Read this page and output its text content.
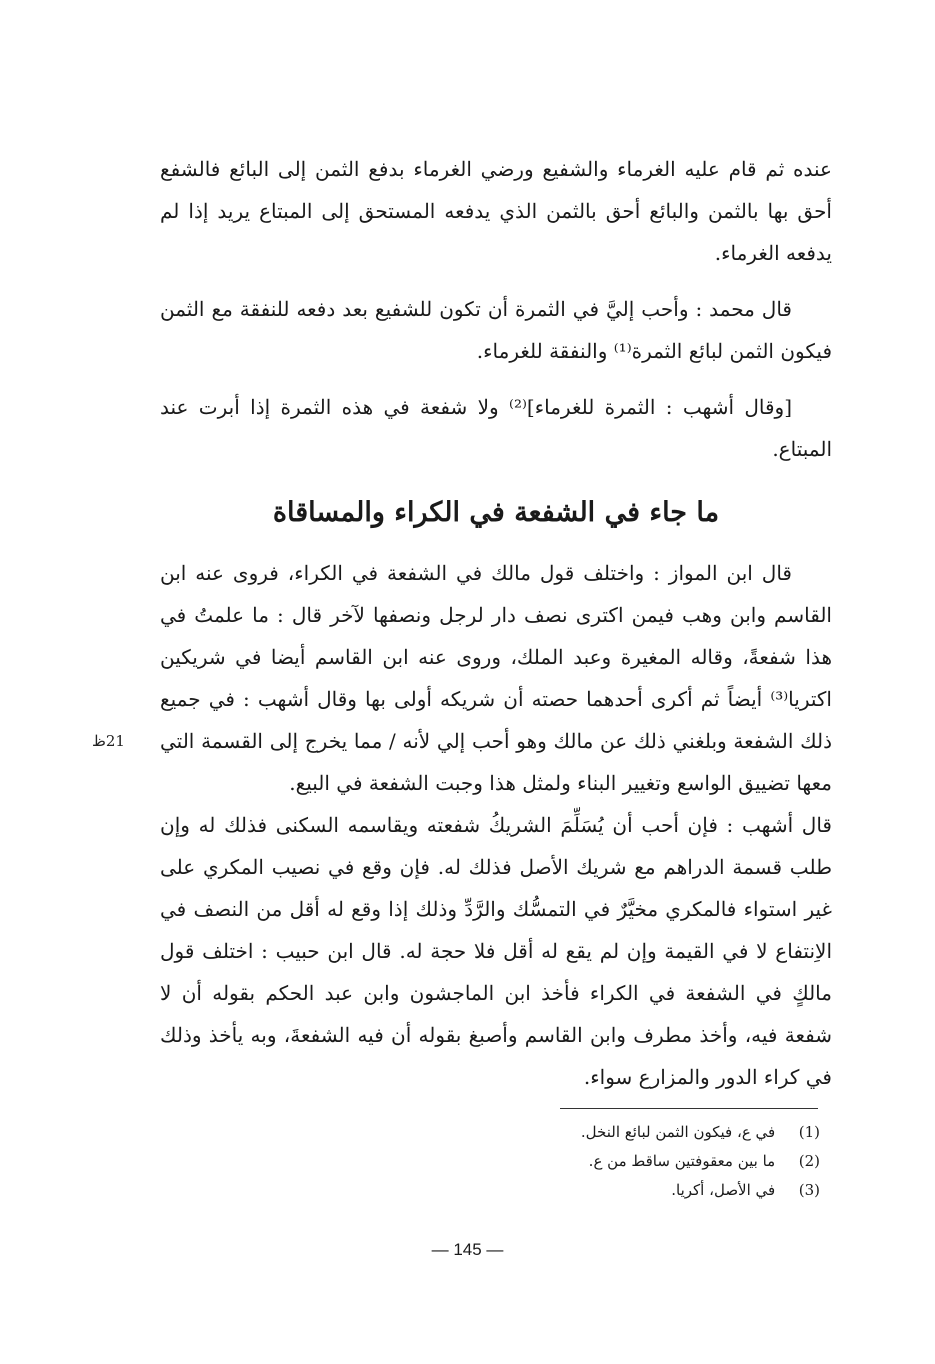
عنده ثم قام عليه الغرماء والشفيع ورضي الغرماء بدفع الثمن إلى البائع فالشفع أحق بها بالثمن والبائع أحق بالثمن الذي يدفعه المستحق إلى المبتاع يريد إذا لم يدفعه الغرماء.

قال محمد : وأحب إليَّ في الثمرة أن تكون للشفيع بعد دفعه للنفقة مع الثمن فيكون الثمن لبائع الثمرة⁽¹⁾ والنفقة للغرماء.

[وقال أشهب : الثمرة للغرماء]⁽²⁾ ولا شفعة في هذه الثمرة إذا أبرت عند المبتاع.

ما جاء في الشفعة في الكراء والمساقاة

قال ابن المواز : واختلف قول مالك في الشفعة في الكراء، فروى عنه ابن القاسم وابن وهب فيمن اكترى نصف دار لرجل ونصفها لآخر قال : ما علمتُ في هذا شفعةً، وقاله المغيرة وعبد الملك، وروى عنه ابن القاسم أيضا في شريكين اكتريا⁽³⁾ أيضاً ثم أكرى أحدهما حصته أن شريكه أولى بها وقال أشهب : في جميع ذلك الشفعة وبلغني ذلك عن مالك وهو أحب إلي لأنه / مما يخرج إلى القسمة التي معها تضييق الواسع وتغيير البناء ولمثل هذا وجبت الشفعة في البيع.

قال أشهب : فإن أحب أن يُسَلِّمَ الشريكُ شفعته ويقاسمه السكنى فذلك له وإن طلب قسمة الدراهم مع شريك الأصل فذلك له. فإن وقع في نصيب المكري على غير استواء فالمكري مخيَّرٌ في التمسُّك والرَّدِّ وذلك إذا وقع له أقل من النصف في الاِنتفاع لا في القيمة وإن لم يقع له أقل فلا حجة له. قال ابن حبيب : اختلف قول مالكٍ في الشفعة في الكراء فأخذ ابن الماجشون وابن عبد الحكم بقوله أن لا شفعة فيه، وأخذ مطرف وابن القاسم وأصبغ بقوله أن فيه الشفعةَ، وبه يأخذ وذلك في كراء الدور والمزارع سواء.

21ظ

(1) في ع، فيكون الثمن لبائع النخل.

(2) ما بين معقوفتين ساقط من ع.

(3) في الأصل، أكريا.

— 145 —
